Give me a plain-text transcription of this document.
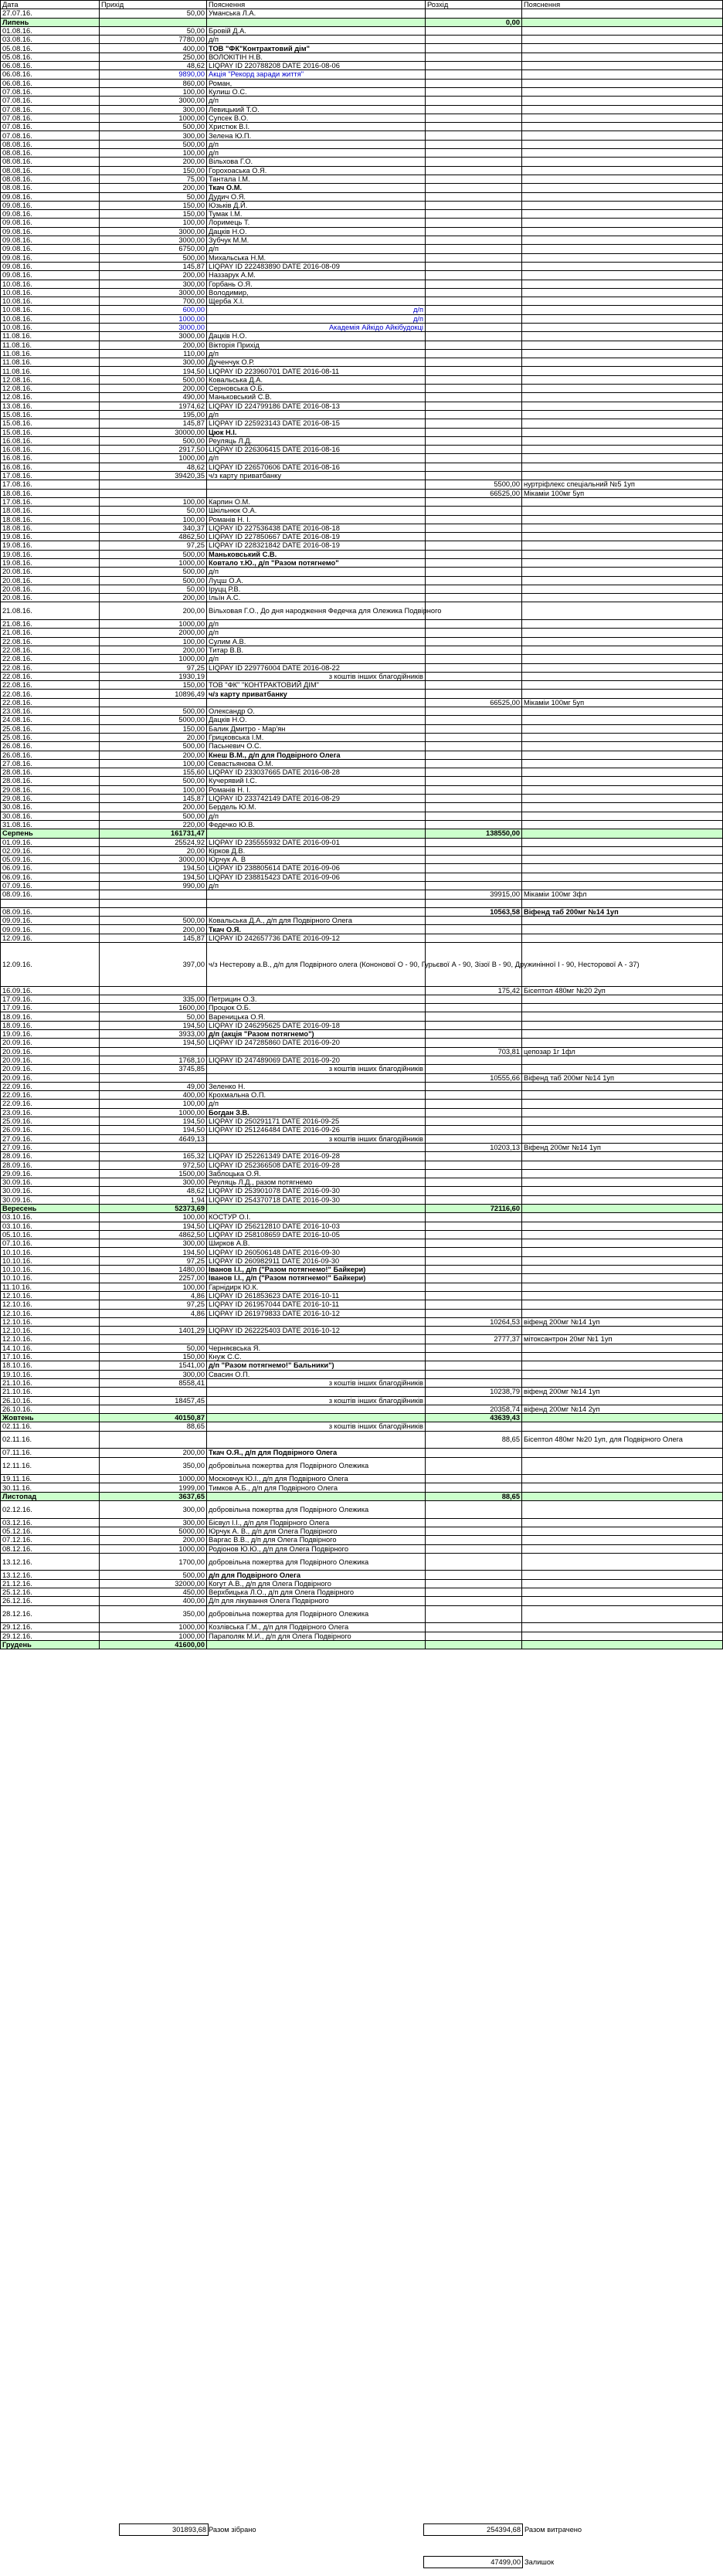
Дата	Прихід	Пояснення	Розхід	Пояснення
27.07.16.	50,00	Уманська Л.А.		
Липень			0,00	
01.08.16.	50,00	Бровій Д.А.		
03.08.16.	7780,00	д/п		
05.08.16.	400,00	ТОВ "ФК"Контрактовий дім"		
05.08.16.	250,00	ВОЛОКІТІН Н.В.		
06.08.16.	48,62	LIQPAY ID 220788208 DATE 2016-08-06		
06.08.16.	9890,00	Акція "Рекорд заради життя"		
06.08.16.	860,00	Роман,		
07.08.16.	100,00	Кулиш О.С.		
07.08.16.	3000,00	д/п		
07.08.16.	300,00	Левицький Т.О.		
07.08.16.	1000,00	Супсек В.О.		
07.08.16.	500,00	Христюк В.І.		
07.08.16.	300,00	Зелена Ю.П.		
08.08.16.	500,00	д/п		
08.08.16.	100,00	д/п		
08.08.16.	200,00	Вільхова Г.О.		
08.08.16.	150,00	Горохоаська О.Я.		
08.08.16.	75,00	Тантала І.М.		
08.08.16.	200,00	Ткач О.М.		
09.08.16.	50,00	Дудич О.Я.		
09.08.16.	150,00	Юзьків Д.Й.		
09.08.16.	150,00	Тумак І.М.		
09.08.16.	100,00	Лоримець Т.		
09.08.16.	3000,00	Дацків Н.О.		
09.08.16.	3000,00	Зубчук М.М.		
09.08.16.	6750,00	д/п		
09.08.16.	500,00	Михальська Н.М.		
09.08.16.	145,87	LIQPAY ID 222483890 DATE 2016-08-09		
09.08.16.	200,00	Наззарук А.М.		
10.08.16.	300,00	Горбань О.Я.		
10.08.16.	3000,00	Володимир,		
10.08.16.	700,00	Щерба Х.І.		
10.08.16.	600,00	д/п		
10.08.16.	1000,00	д/п		
10.08.16.	3000,00	Академія Айкідо Айкібудокці		
11.08.16.	3000,00	Дацків Н.О.		
11.08.16.	200,00	Вікторія Прихід		
11.08.16.	110,00	д/п		
11.08.16.	300,00	Дученчук О.Р.		
11.08.16.	194,50	LIQPAY ID 223960701 DATE 2016-08-11		
12.08.16.	500,00	Ковальська Д.А.		
12.08.16.	200,00	Серновська О.Б.		
12.08.16.	490,00	Маньковський С.В.		
13.08.16.	1974,62	LIQPAY ID 224799186 DATE 2016-08-13		
15.08.16.	195,00	д/п		
15.08.16.	145,87	LIQPAY ID 225923143 DATE 2016-08-15		
15.08.16.	30000,00	Цюк Н.І.		
16.08.16.	500,00	Реуляць Л.Д.		
16.08.16.	2917,50	LIQPAY ID 226306415 DATE 2016-08-16		
16.08.16.	1000,00	д/п		
16.08.16.	48,62	LIQPAY ID 226570606 DATE 2016-08-16		
17.08.16.	39420,35	ч/з карту приватбанку		
17.08.16.			5500,00	нуртріфлекс спеціальний №5 1уп
18.08.16.			66525,00	Мікаміи 100мг 5уп
17.08.16.	100,00	Карпин О.М.		
18.08.16.	50,00	Шкільнюк О.А.		
18.08.16.	100,00	Романів Н. І.		
18.08.16.	340,37	LIQPAY ID 227536438 DATE 2016-08-18		
19.08.16.	4862,50	LIQPAY ID 227850667 DATE 2016-08-19		
19.08.16.	97,25	LIQPAY ID 228321842 DATE 2016-08-19		
19.08.16.	500,00	Маньковський С.В.		
19.08.16.	1000,00	Ковтало т.Ю., д/п "Разом потягнемо"		
20.08.16.	500,00	д/п		
20.08.16.	500,00	Луцш О.А.		
20.08.16.	50,00	Іруцц Р.В.		
20.08.16.	200,00	Ільїн А.С.		
21.08.16.	200,00	Вільховая Г.О., До дня народження Федечка для Олежика Подвірного		
21.08.16.	1000,00	д/п		
21.08.16.	2000,00	д/п		
22.08.16.	100,00	Сулим А.В.		
22.08.16.	200,00	Титар В.В.		
22.08.16.	1000,00	д/п		
22.08.16.	97,25	LIQPAY ID 229776004 DATE 2016-08-22		
22.08.16.	1930,19	з коштів інших благодійників		
22.08.16.	150,00	ТОВ "ФК" "КОНТРАКТОВИЙ ДІМ"		
22.08.16.	10896,49	ч/з карту приватбанку		
22.08.16.			66525,00	Мікаміи 100мг 5уп
23.08.16.	500,00	Олександр О.		
24.08.16.	5000,00	Дацків Н.О.		
25.08.16.	150,00	Балик Дмитро - Мар'ян		
25.08.16.	20,00	Грицковська І.М.		
26.08.16.	500,00	Пасьневич О.С.		
26.08.16.	200,00	Кнеш В.М., д/п для Подвірного Олега		
27.08.16.	100,00	Севастьянова О.М.		
28.08.16.	155,60	LIQPAY ID 233037665 DATE 2016-08-28		
28.08.16.	500,00	Кучерявий І.С.		
29.08.16.	100,00	Романів Н. І.		
29.08.16.	145,87	LIQPAY ID 233742149 DATE 2016-08-29		
30.08.16.	200,00	Бердель Ю.М.		
30.08.16.	500,00	д/п		
31.08.16.	220,00	Федечко Ю.В.		
Серпень	161731,47		138550,00	
01.09.16.	25524,92	LIQPAY ID 235555932 DATE 2016-09-01		
02.09.16.	20,00	Кірков Д.В.		
05.09.16.	3000,00	Юрчук А. В		
06.09.16.	194,50	LIQPAY ID 238805614 DATE 2016-09-06		
06.09.16.	194,50	LIQPAY ID 238815423 DATE 2016-09-06		
07.09.16.	990,00	д/п		
08.09.16.			39915,00	Мікаміи 100мг 3фл

08.09.16.			10563,58	Віфенд таб 200мг №14 1уп
09.09.16.	500,00	Ковальська Д.А., д/п для Подвірного Олега		
09.09.16.	200,00	Ткач О.Я.		
12.09.16.	145,87	LIQPAY ID 242657736 DATE 2016-09-12		
12.09.16.	397,00	ч/з Нестерову а.В., д/п для Подвірного олега (Кононової О - 90, Гурьєвої А - 90, Зізої В - 90, Дружинінної І - 90, Несторової А - 37)		
16.09.16.			175,42	Бісептол 480мг №20 2уп
17.09.16.	335,00	Петрицин О.З.		
17.09.16.	1600,00	Процюк О.Б.		
18.09.16.	50,00	Вареницька О.Я.		
18.09.16.	194,50	LIQPAY ID 246295625 DATE 2016-09-18		
19.09.16.	3933,00	д/п (акція "Разом потягнемо")		
20.09.16.	194,50	LIQPAY ID 247285860 DATE 2016-09-20		
20.09.16.			703,81	цепозар 1г 1фл
20.09.16.	1768,10	LIQPAY ID 247489069 DATE 2016-09-20		
20.09.16.	3745,85	з коштів інших благодійників		
20.09.16.			10555,66	Віфенд таб 200мг №14 1уп
22.09.16.	49,00	Зеленко Н.		
22.09.16.	400,00	Крохмальна О.П.		
22.09.16.	100,00	д/п		
23.09.16.	1000,00	Богдан З.В.		
25.09.16.	194,50	LIQPAY ID 250291171 DATE 2016-09-25		
26.09.16.	194,50	LIQPAY ID 251246484 DATE 2016-09-26		
27.09.16.	4649,13	з коштів інших благодійників		
27.09.16.			10203,13	Віфенд 200мг №14 1уп
28.09.16.	165,32	LIQPAY ID 252261349 DATE 2016-09-28		
28.09.16.	972,50	LIQPAY ID 252366508 DATE 2016-09-28		
29.09.16.	1500,00	Заблоцька О.Я.		
30.09.16.	300,00	Реуляць Л.Д., разом потягнемо		
30.09.16.	48,62	LIQPAY ID 253901078 DATE 2016-09-30		
30.09.16.	1,94	LIQPAY ID 254370718 DATE 2016-09-30		
Вересень	52373,69		72116,60	
03.10.16.	100,00	КОСТУР О.І.		
03.10.16.	194,50	LIQPAY ID 256212810 DATE 2016-10-03		
05.10.16.	4862,50	LIQPAY ID 258108659 DATE 2016-10-05		
07.10.16.	300,00	Ширков А.В.		
10.10.16.	194,50	LIQPAY ID 260506148 DATE 2016-09-30		
10.10.16.	97,25	LIQPAY ID 260982911 DATE 2016-09-30		
10.10.16.	1480,00	Іванов І.І., д/п ("Разом потягнемо!" Байкери)		
10.10.16.	2257,00	Іванов І.І., д/п ("Разом потягнемо!" Байкери)		
11.10.16.	100,00	Гарнідирк Ю.К.		
12.10.16.	4,86	LIQPAY ID 261853623 DATE 2016-10-11		
12.10.16.	97,25	LIQPAY ID 261957044 DATE 2016-10-11		
12.10.16.	4,86	LIQPAY ID 261979833 DATE 2016-10-12		
12.10.16.			10264,53	віфенд 200мг №14 1уп
12.10.16.	1401,29	LIQPAY ID 262225403 DATE 2016-10-12		
12.10.16.			2777,37	мітоксантрон 20мг №1 1уп
14.10.16.	50,00	Черняєвська Я.		
17.10.16.	150,00	Кнуж С.С.		
18.10.16.	1541,00	д/п "Разом потягнемо!" Бальники")		
19.10.16.	300,00	Свасин О.П.		
21.10.16.	8558,41	з коштів інших благодійників		
21.10.16.			10238,79	віфенд 200мг №14 1уп
26.10.16.	18457,45	з коштів інших благодійників		
26.10.16.			20358,74	віфенд 200мг №14 2уп
Жовтень	40150,87		43639,43	
02.11.16.	88,65	з коштів інших благодійників		
02.11.16.			88,65	Бісептол 480мг №20 1уп, для Подвірного Олега
07.11.16.	200,00	Ткач О.Я., д/п для Подвірного Олега		
12.11.16.	350,00	добровільна пожертва для Подвірного Олежика		
19.11.16.	1000,00	Московчук Ю.І., д/п для Подвірного Олега		
30.11.16.	1999,00	Тимков А.Б., д/п для Подвірного Олега		
Листопад	3637,65		88,65	
02.12.16.	300,00	добровільна пожертва для Подвірного Олежика		
03.12.16.	300,00	Бісвул І.І., д/п для Подвірного Олега		
05.12.16.	5000,00	Юрчук А. В., д/п для Олега Подвірного		
07.12.16.	200,00	Варгас В.В., д/п для Олега Подвірного		
08.12.16.	1000,00	Родіонов Ю.Ю., д/п для Олега Подвірного		
13.12.16.	1700,00	добровільна пожертва для Подвірного Олежика		
13.12.16.	500,00	д/п для Подвірного Олега		
21.12.16.	32000,00	Когут А.В., д/п для Олега Подвірного		
25.12.16.	450,00	Верхбицька Л.О., д/п для Олега Подвірного		
26.12.16.	400,00	Д/п для лікування Олега Подвірного		
28.12.16.	350,00	добровільна пожертва для Подвірного Олежика		
29.12.16.	1000,00	Козлівська Г.М., д/п для Подвірного Олега		
29.12.16.	1000,00	Параполяк М.И., д/п для Олега Подвірного		
Грудень	41600,00			
301893,68 Разом зібрано	254394,68 Разом витрачено
47499,00 Залишок
